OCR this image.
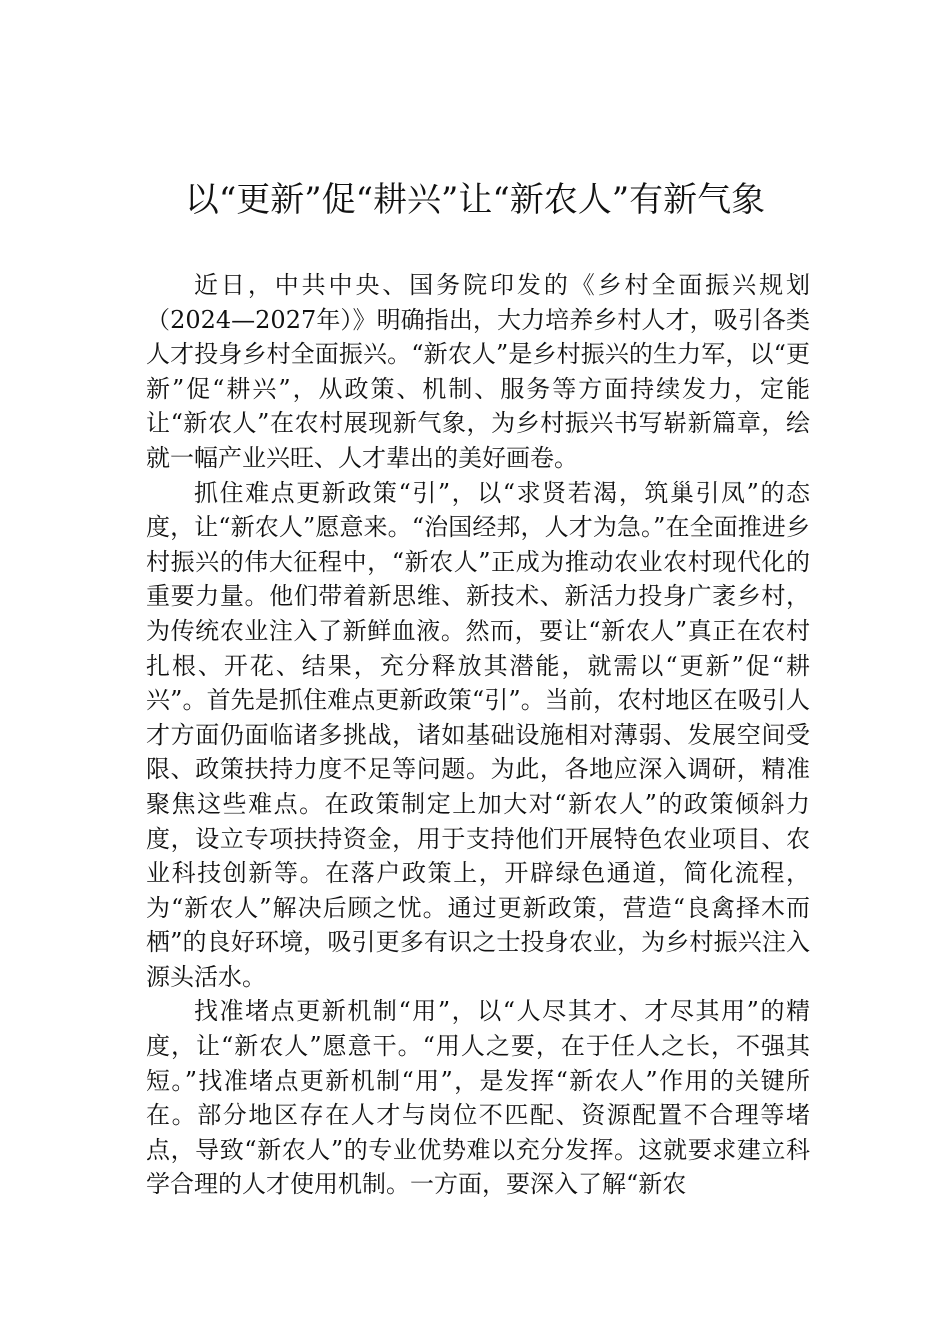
以“更新”促“耕兴”让“新农人”有新气象

近日，中共中央、国务院印发的《乡村全面振兴规划（2024—2027年）》明确指出，大力培养乡村人才，吸引各类人才投身乡村全面振兴。“新农人”是乡村振兴的生力军，以“更新”促“耕兴”，从政策、机制、服务等方面持续发力，定能让“新农人”在农村展现新气象，为乡村振兴书写崭新篇章，绘就一幅产业兴旺、人才辈出的美好画卷。

抓住难点更新政策“引”，以“求贤若渴，筑巢引凤”的态度，让“新农人”愿意来。“治国经邦，人才为急。”在全面推进乡村振兴的伟大征程中，“新农人”正成为推动农业农村现代化的重要力量。他们带着新思维、新技术、新活力投身广袤乡村，为传统农业注入了新鲜血液。然而，要让“新农人”真正在农村扎根、开花、结果，充分释放其潜能，就需以“更新”促“耕兴”。首先是抓住难点更新政策“引”。当前，农村地区在吸引人才方面仍面临诸多挑战，诸如基础设施相对薄弱、发展空间受限、政策扶持力度不足等问题。为此，各地应深入调研，精准聚焦这些难点。在政策制定上加大对“新农人”的政策倾斜力度，设立专项扶持资金，用于支持他们开展特色农业项目、农业科技创新等。在落户政策上，开辟绿色通道，简化流程，为“新农人”解决后顾之忧。通过更新政策，营造“良禽择木而栖”的良好环境，吸引更多有识之士投身农业，为乡村振兴注入源头活水。

找准堵点更新机制“用”，以“人尽其才、才尽其用”的精度，让“新农人”愿意干。“用人之要，在于任人之长，不强其短。”找准堵点更新机制“用”，是发挥“新农人”作用的关键所在。部分地区存在人才与岗位不匹配、资源配置不合理等堵点，导致“新农人”的专业优势难以充分发挥。这就要求建立科学合理的人才使用机制。一方面，要深入了解“新农
